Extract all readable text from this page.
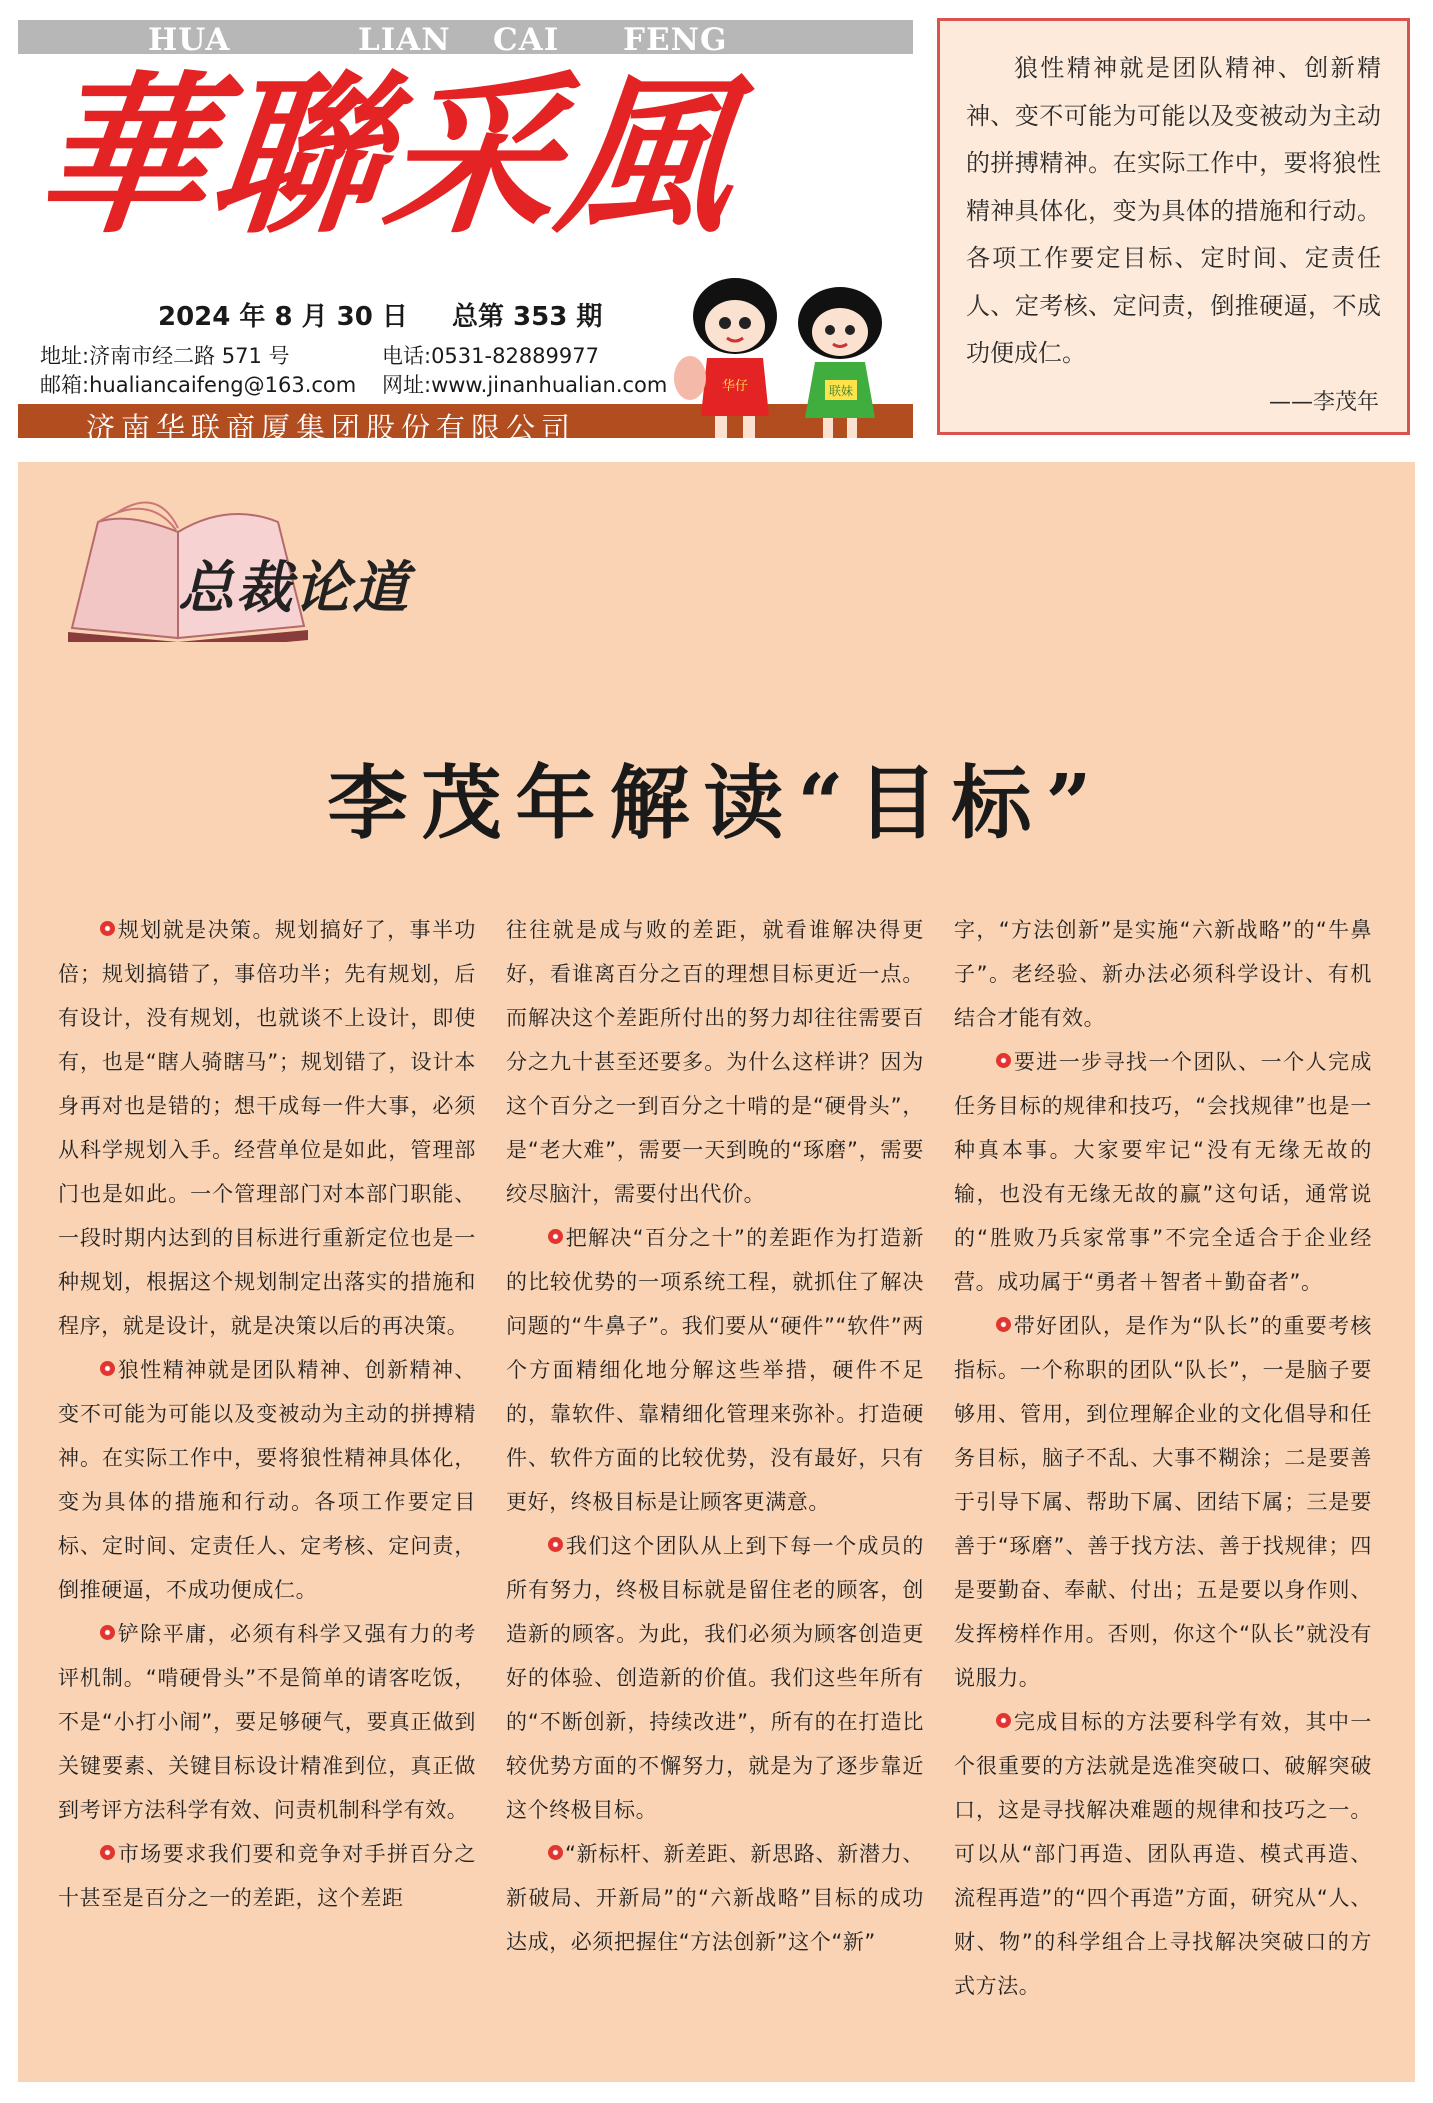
HUA	LIAN CAI FENG
華聯采風
2024 年 8 月 30 日 总第 353 期
地址:济南市经二路 571 号	电话:0531-82889977
邮箱:hualiancaifeng@163.com 网址:www.jinanhualian.com
济南华联商厦集团股份有限公司
华仔	联妹
狼性精神就是团队精神、创新精神、变不可能为可能以及变被动为主动的拼搏精神。在实际工作中，要将狼性精神具体化，变为具体的措施和行动。各项工作要定目标、定时间、定责任人、定考核、定问责，倒推硬逼，不成功便成仁。
——李茂年
总裁论道
李茂年解读“目标”

规划就是决策。规划搞好了，事半功倍；规划搞错了，事倍功半；先有规划，后有设计，没有规划，也就谈不上设计，即使有，也是“瞎人骑瞎马”；规划错了，设计本身再对也是错的；想干成每一件大事，必须从科学规划入手。经营单位是如此，管理部门也是如此。一个管理部门对本部门职能、一段时期内达到的目标进行重新定位也是一种规划，根据这个规划制定出落实的措施和程序，就是设计，就是决策以后的再决策。

狼性精神就是团队精神、创新精神、变不可能为可能以及变被动为主动的拼搏精神。在实际工作中，要将狼性精神具体化，变为具体的措施和行动。各项工作要定目标、定时间、定责任人、定考核、定问责，倒推硬逼，不成功便成仁。

铲除平庸，必须有科学又强有力的考评机制。“啃硬骨头”不是简单的请客吃饭，不是“小打小闹”，要足够硬气，要真正做到关键要素、关键目标设计精准到位，真正做到考评方法科学有效、问责机制科学有效。

市场要求我们要和竞争对手拼百分之十甚至是百分之一的差距，这个差距

往往就是成与败的差距，就看谁解决得更好，看谁离百分之百的理想目标更近一点。而解决这个差距所付出的努力却往往需要百分之九十甚至还要多。为什么这样讲？因为这个百分之一到百分之十啃的是“硬骨头”，是“老大难”，需要一天到晚的“琢磨”，需要绞尽脑汁，需要付出代价。

把解决“百分之十”的差距作为打造新的比较优势的一项系统工程，就抓住了解决问题的“牛鼻子”。我们要从“硬件”“软件”两个方面精细化地分解这些举措，硬件不足的，靠软件、靠精细化管理来弥补。打造硬件、软件方面的比较优势，没有最好，只有更好，终极目标是让顾客更满意。

我们这个团队从上到下每一个成员的所有努力，终极目标就是留住老的顾客，创造新的顾客。为此，我们必须为顾客创造更好的体验、创造新的价值。我们这些年所有的“不断创新，持续改进”，所有的在打造比较优势方面的不懈努力，就是为了逐步靠近这个终极目标。

“新标杆、新差距、新思路、新潜力、新破局、开新局”的“六新战略”目标的成功达成，必须把握住“方法创新”这个“新”

字，“方法创新”是实施“六新战略”的“牛鼻子”。老经验、新办法必须科学设计、有机结合才能有效。

要进一步寻找一个团队、一个人完成任务目标的规律和技巧，“会找规律”也是一种真本事。大家要牢记“没有无缘无故的输，也没有无缘无故的赢”这句话，通常说的“胜败乃兵家常事”不完全适合于企业经营。成功属于“勇者＋智者＋勤奋者”。

带好团队，是作为“队长”的重要考核指标。一个称职的团队“队长”，一是脑子要够用、管用，到位理解企业的文化倡导和任务目标，脑子不乱、大事不糊涂；二是要善于引导下属、帮助下属、团结下属；三是要善于“琢磨”、善于找方法、善于找规律；四是要勤奋、奉献、付出；五是要以身作则、发挥榜样作用。否则，你这个“队长”就没有说服力。

完成目标的方法要科学有效，其中一个很重要的方法就是选准突破口、破解突破口，这是寻找解决难题的规律和技巧之一。可以从“部门再造、团队再造、模式再造、流程再造”的“四个再造”方面，研究从“人、财、物”的科学组合上寻找解决突破口的方式方法。
